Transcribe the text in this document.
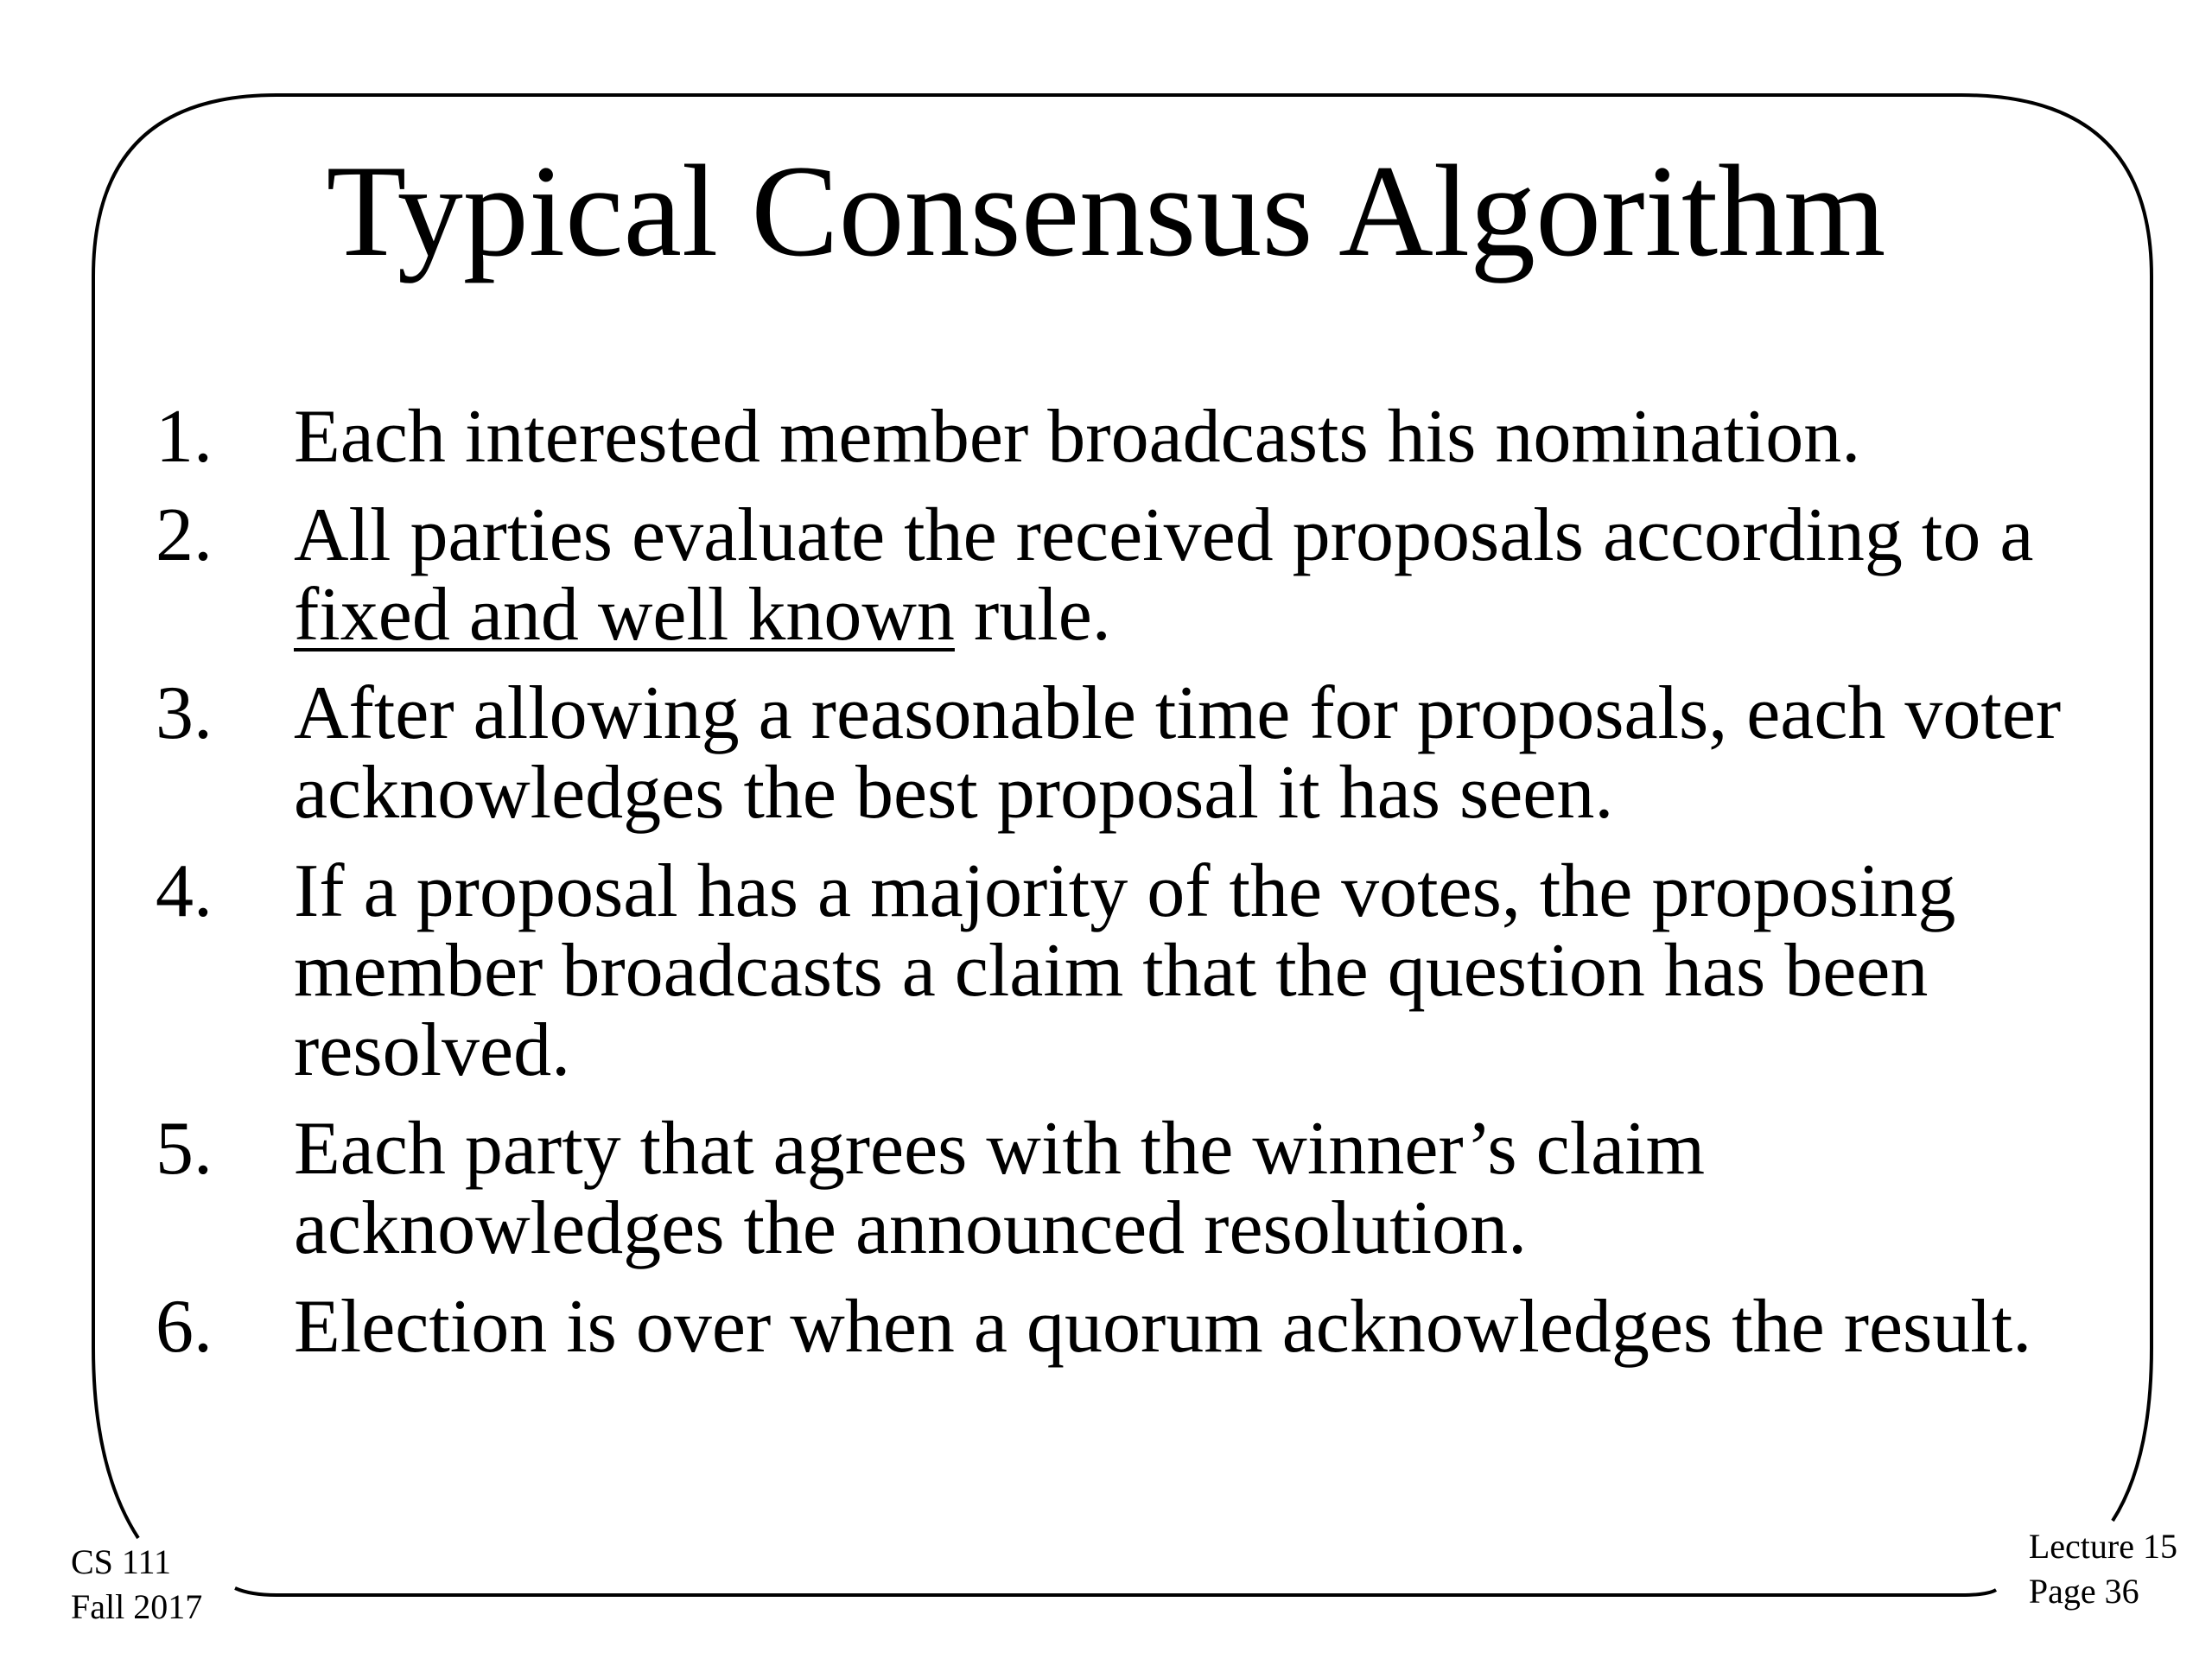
Typical Consensus Algorithm
1. Each interested member broadcasts his nomination.
2. All parties evaluate the received proposals according to a fixed and well known rule.
3. After allowing a reasonable time for proposals, each voter acknowledges the best proposal it has seen.
4. If a proposal has a majority of the votes, the proposing member broadcasts a claim that the question has been resolved.
5. Each party that agrees with the winner’s claim acknowledges the announced resolution.
6. Election is over when a quorum acknowledges the result.
CS 111
Fall 2017
Lecture 15
Page 36
